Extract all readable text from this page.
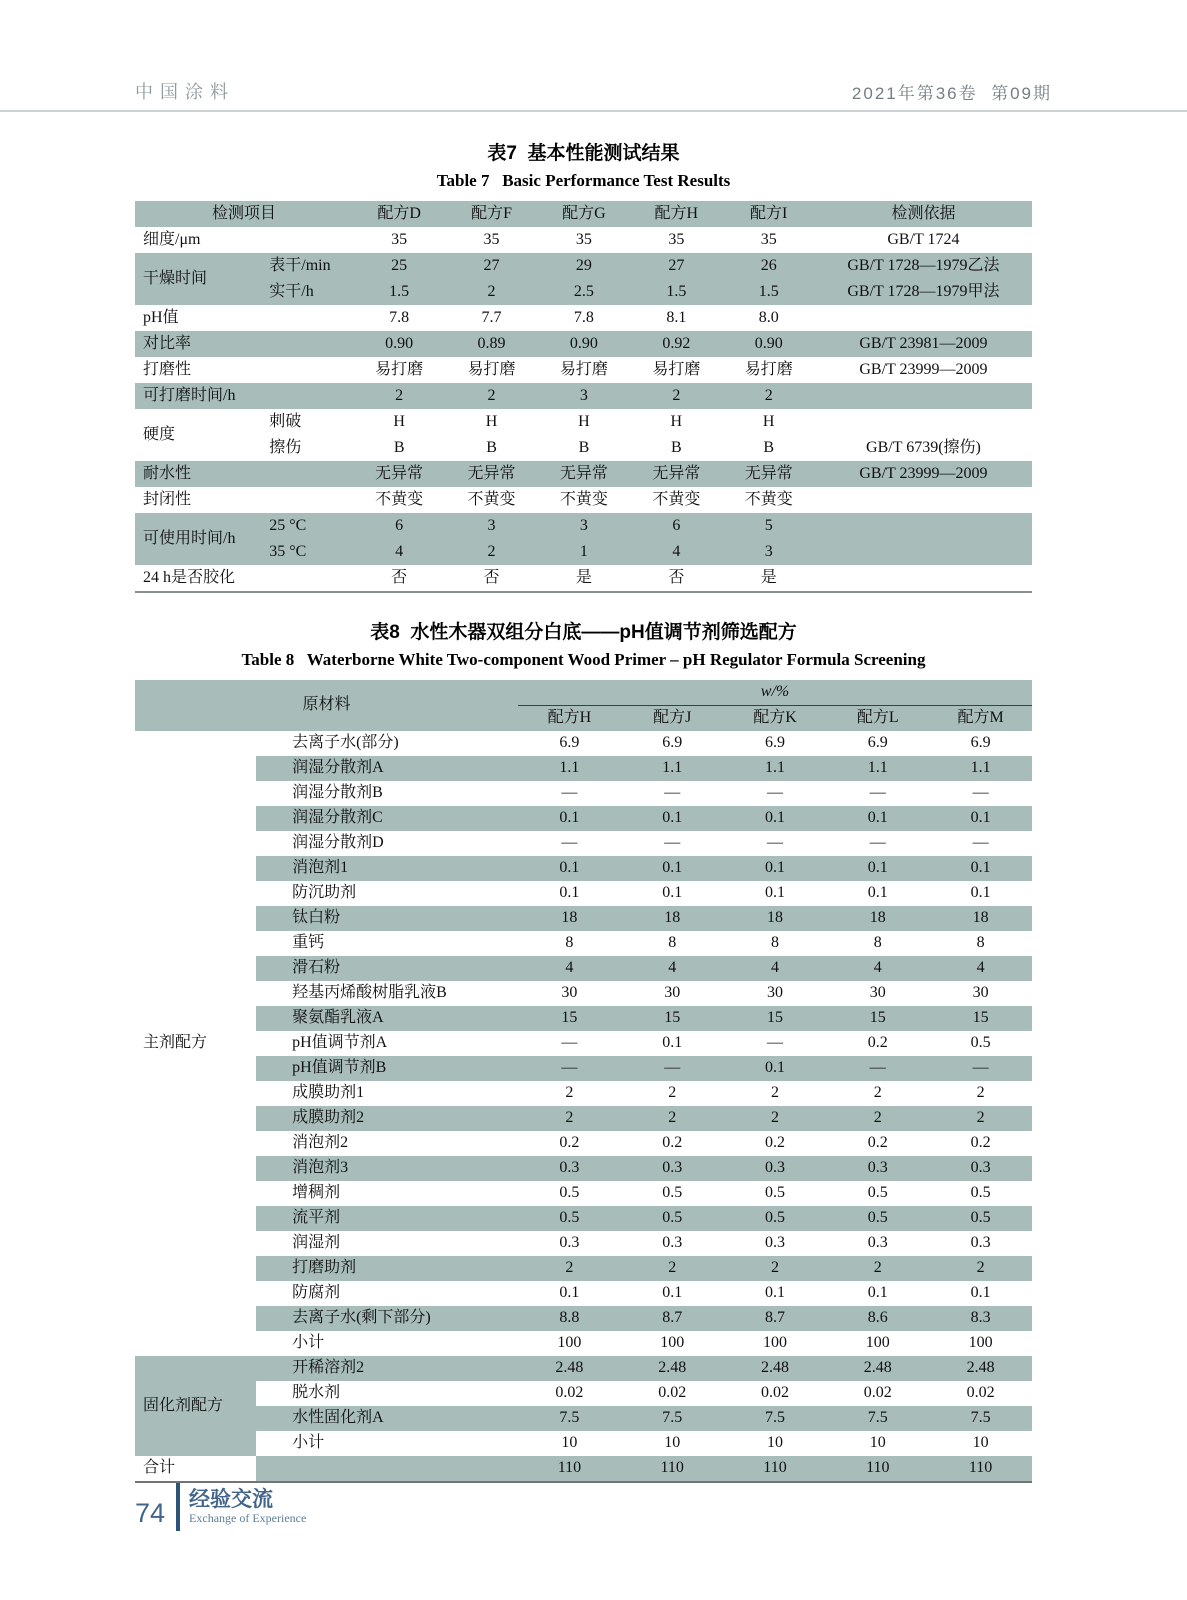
中国涂料	2021年第36卷  第09期
表7  基本性能测试结果
Table 7   Basic Performance Test Results
检测项目		配方D	配方F	配方G	配方H	配方I	检测依据
细度/μm		35	35	35	35	35	GB/T 1724
干燥时间	表干/min	25	27	29	27	26	GB/T 1728—1979乙法
	实干/h	1.5	2	2.5	1.5	1.5	GB/T 1728—1979甲法
pH值		7.8	7.7	7.8	8.1	8.0	
对比率		0.90	0.89	0.90	0.92	0.90	GB/T 23981—2009
打磨性		易打磨	易打磨	易打磨	易打磨	易打磨	GB/T 23999—2009
可打磨时间/h		2	2	3	2	2	
硬度	刺破	H	H	H	H	H	
	擦伤	B	B	B	B	B	GB/T 6739(擦伤)
耐水性		无异常	无异常	无异常	无异常	无异常	GB/T 23999—2009
封闭性		不黄变	不黄变	不黄变	不黄变	不黄变	
可使用时间/h	25 °C	6	3	3	6	5	
	35 °C	4	2	1	4	3	
24 h是否胶化		否	否	是	否	是	
表8  水性木器双组分白底——pH值调节剂筛选配方
Table 8   Waterborne White Two-component Wood Primer – pH Regulator Formula Screening
原材料		w/%				
		配方H	配方J	配方K	配方L	配方M
主剂配方	去离子水(部分)	6.9	6.9	6.9	6.9	6.9
	润湿分散剂A	1.1	1.1	1.1	1.1	1.1
	润湿分散剂B	—	—	—	—	—
	润湿分散剂C	0.1	0.1	0.1	0.1	0.1
	润湿分散剂D	—	—	—	—	—
	消泡剂1	0.1	0.1	0.1	0.1	0.1
	防沉助剂	0.1	0.1	0.1	0.1	0.1
	钛白粉	18	18	18	18	18
	重钙	8	8	8	8	8
	滑石粉	4	4	4	4	4
	羟基丙烯酸树脂乳液B	30	30	30	30	30
	聚氨酯乳液A	15	15	15	15	15
	pH值调节剂A	—	0.1	—	0.2	0.5
	pH值调节剂B	—	—	0.1	—	—
	成膜助剂1	2	2	2	2	2
	成膜助剂2	2	2	2	2	2
	消泡剂2	0.2	0.2	0.2	0.2	0.2
	消泡剂3	0.3	0.3	0.3	0.3	0.3
	增稠剂	0.5	0.5	0.5	0.5	0.5
	流平剂	0.5	0.5	0.5	0.5	0.5
	润湿剂	0.3	0.3	0.3	0.3	0.3
	打磨助剂	2	2	2	2	2
	防腐剂	0.1	0.1	0.1	0.1	0.1
	去离子水(剩下部分)	8.8	8.7	8.7	8.6	8.3
	小计	100	100	100	100	100
固化剂配方	开稀溶剂2	2.48	2.48	2.48	2.48	2.48
	脱水剂	0.02	0.02	0.02	0.02	0.02
	水性固化剂A	7.5	7.5	7.5	7.5	7.5
	小计	10	10	10	10	10
合计		110	110	110	110	110
74 经验交流
Exchange of Experience
